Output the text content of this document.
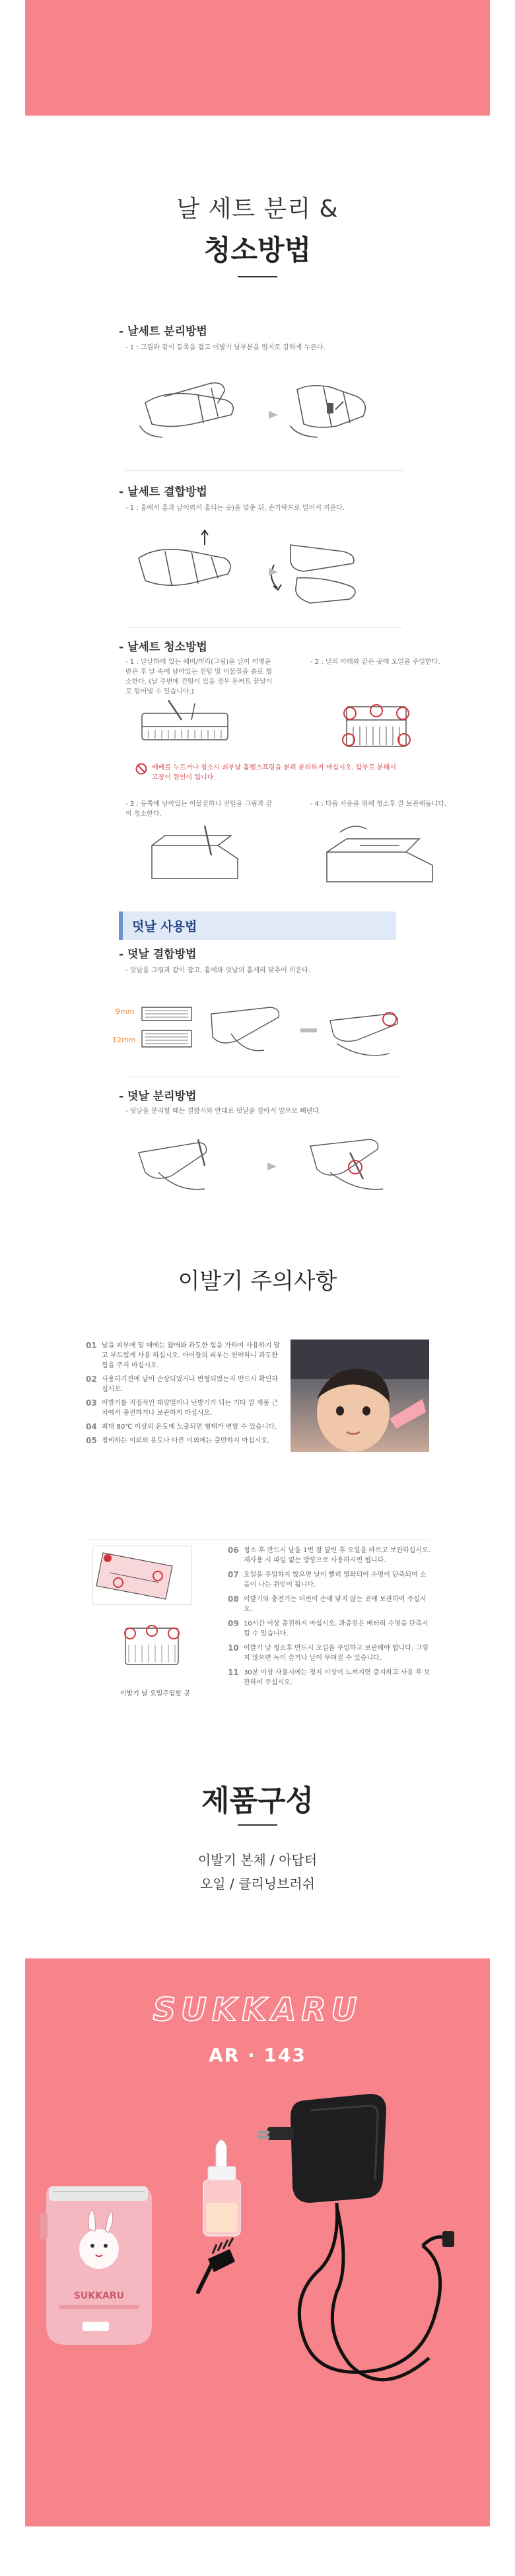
날 세트 분리 &
청소방법
- 날세트 분리방법
- 1 : 그림과 같이 등쪽을 잡고 이발기 날부분을 엄지로 강하게 누른다.
- 날세트 결합방법
- 1 : 홈에서 홈과 날이와서 홈되는 곳)을 맞춘 뒤, 손가락으로 밀어서 끼운다.
- 날세트 청소방법
- 1 : 날날하에 있는 헤비/머리(그림)을 날이 어떻을 받은 후 날 속에 남아있는 전털 및 이물질을 솔로 청소한다. (날 주변에 건털이 있을 경우 돈커트 끝날이로 털어낼 수 있습니다.)
- 2 : 날의 아래와 같은 곳에 오일을 주입한다.
베베를 누르거나 청소시 쇠부날 홈했스프링을 분리 분리하지 마십시오. 함부로 분해시 고장이 원인이 됩니다.
- 3 : 등쪽에 남아있는 이물질하니 전털을 그림과 같이 청소한다.
- 4 : 다음 사용을 위해 청소후 잘 보관해둡니다.
덧날 사용법
- 덧날 결합방법
- 덧날을 그림과 같이 잡고, 홈에와 덧날의 홈게리 맞추어 끼운다.
9mm
12mm
- 덧날 분리방법
- 덧날을 분리할 때는 결합시와 반대로 덧날을 잡아서 앞으로 빼낸다.
이발기 주의사항
01 날을 피부에 밀 때에는 얇애와 과도한 힘을 가하여 사용하지 말고 부드럽게 사용 하십시오. 아이들의 피부는 연약하니 과도한 힘을 주지 마십시오.
02 사용하기전에 날이 손상되었거나 변형되었는지 반드시 확인하십시오.
03 이발기를 직접적인 태양열이나 난방기가 되는 기타 열 제품 근처에서 충전하거나 보관하지 마십시오.
04 최대 80℃ 이상의 온도에 노출되면 형태가 변할 수 있습니다.
05 정비하는 이외의 용도나 다른 이외에는 출만하지 마십시오.
이발기 날 오일주입할 곳
06 청소 후 반드시 날을 1번 잘 말린 후 오일을 바르고 보관하십시오. 재사용 시 파일 없는 방향으로 사용하시면 됩니다.
07 오일을 주입하지 않으면 날이 빨리 열화되어 수명이 단축되며 소음이 나는 원인이 됩니다.
08 이발기와 충전기는 어린이 손에 닿지 않는 곳에 보관하여 주십시오.
09 10시간 이상 충전하지 마십시오. 과충전은 배터리 수명을 단축시킬 수 있습니다.
10 이발기 날 청소후 반드시 오일을 주입하고 보관해야 합니다. 그렇지 않으면 녹이 슬거나 날이 무뎌질 수 있습니다.
11 30분 이상 사용시에는 정지 이상이 느껴지면 중지하고 사용 후 보관하여 주십시오.
제품구성
이발기 본체 / 아답터
오일 / 클리닝브러쉬
SUKKARU
AR · 143
SUKKARU
